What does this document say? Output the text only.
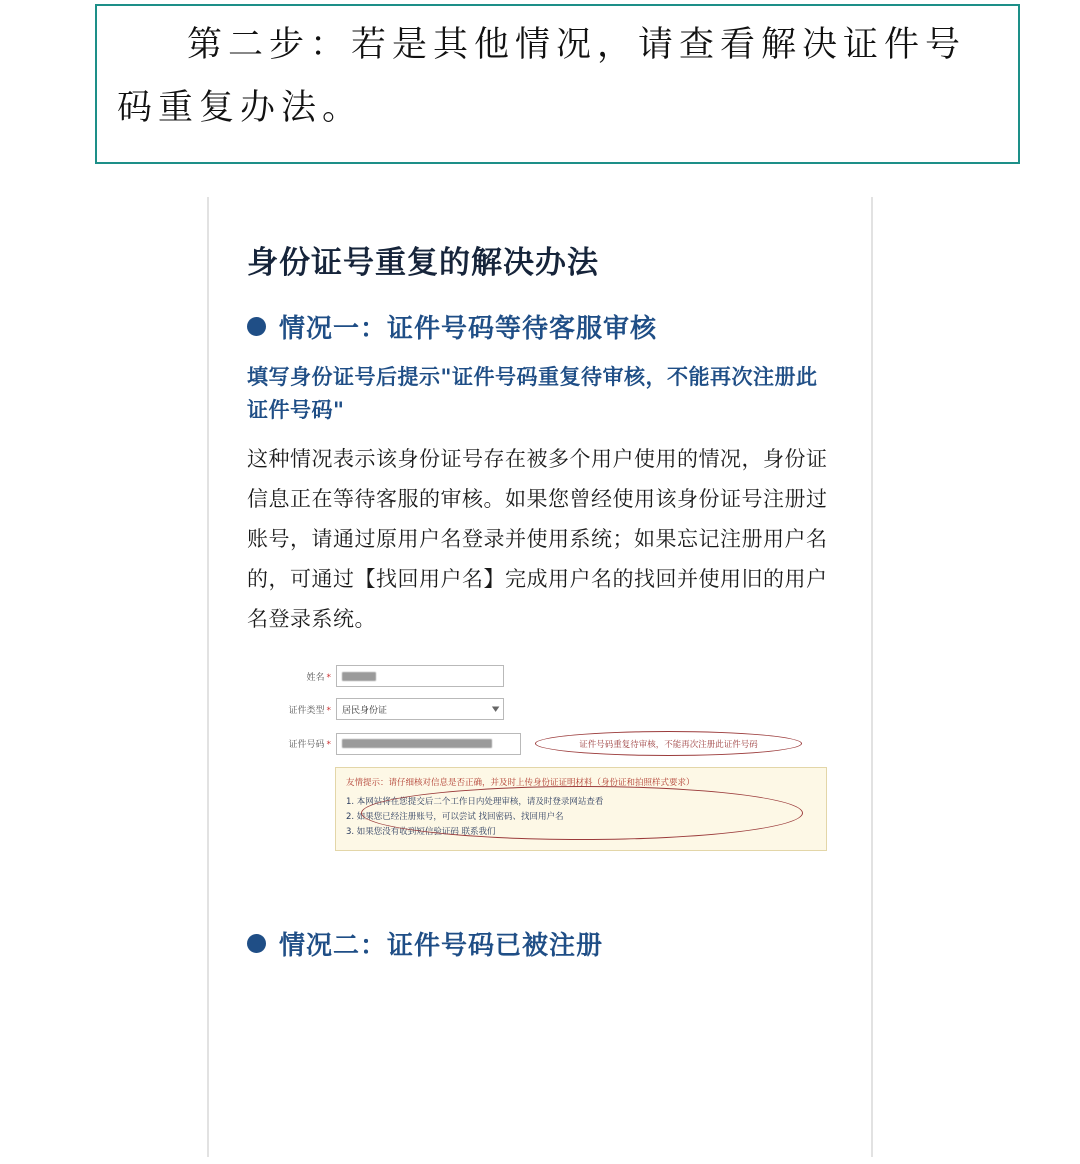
第二步：若是其他情况，请查看解决证件号码重复办法。
身份证号重复的解决办法
情况一：证件号码等待客服审核
填写身份证号后提示"证件号码重复待审核，不能再次注册此证件号码"
这种情况表示该身份证号存在被多个用户使用的情况，身份证信息正在等待客服的审核。如果您曾经使用该身份证号注册过账号，请通过原用户名登录并使用系统；如果忘记注册用户名的，可通过【找回用户名】完成用户名的找回并使用旧的用户名登录系统。
姓名 *
证件类型 *	居民身份证	▼
证件号码 *	证件号码重复待审核，不能再次注册此证件号码
友情提示：请仔细核对信息是否正确，并及时上传身份证证明材料（身份证和拍照样式要求）
1. 本网站将在您提交后二个工作日内处理审核，请及时登录网站查看
2. 如果您已经注册账号，可以尝试 找回密码、找回用户名
3. 如果您没有收到短信验证码 联系我们
情况二：证件号码已被注册
